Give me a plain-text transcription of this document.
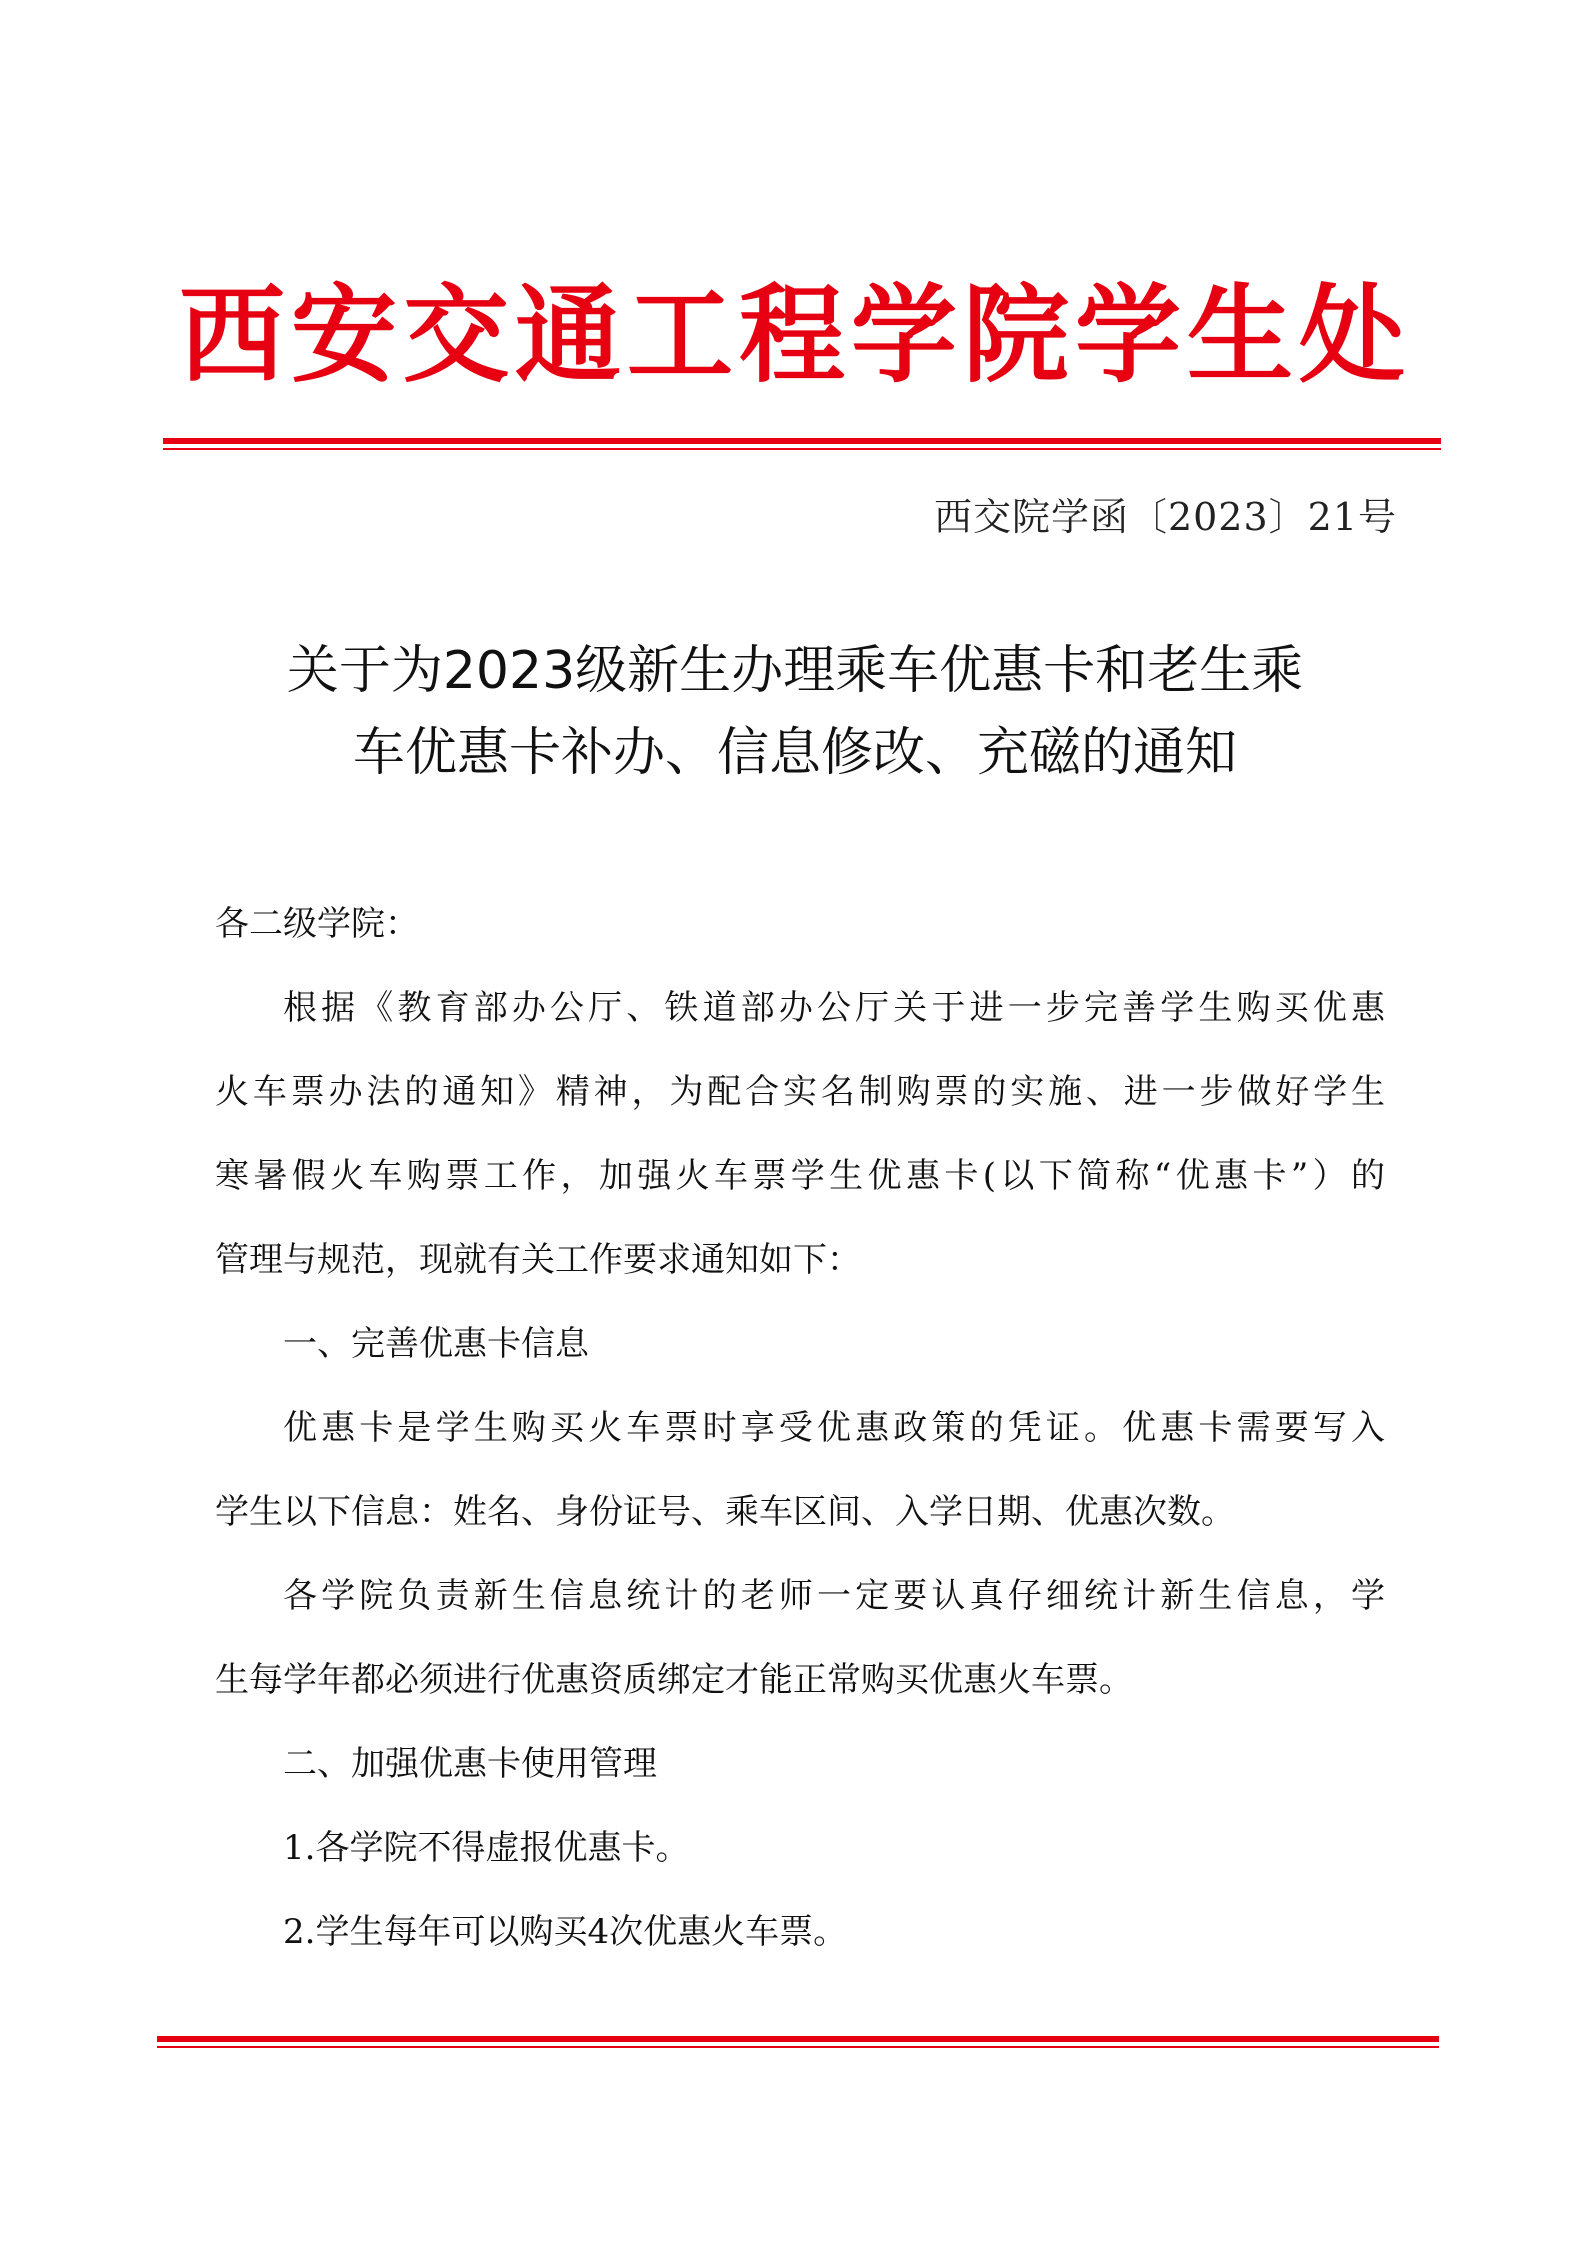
西安交通工程学院学生处
西交院学函〔2023〕21号
关于为2023级新生办理乘车优惠卡和老生乘
车优惠卡补办、信息修改、充磁的通知
各二级学院：
根据《教育部办公厅、铁道部办公厅关于进一步完善学生购买优惠
火车票办法的通知》精神，为配合实名制购票的实施、进一步做好学生
寒暑假火车购票工作，加强火车票学生优惠卡(以下简称“优惠卡”）的
管理与规范，现就有关工作要求通知如下：
一、完善优惠卡信息
优惠卡是学生购买火车票时享受优惠政策的凭证。优惠卡需要写入
学生以下信息：姓名、身份证号、乘车区间、入学日期、优惠次数。
各学院负责新生信息统计的老师一定要认真仔细统计新生信息，学
生每学年都必须进行优惠资质绑定才能正常购买优惠火车票。
二、加强优惠卡使用管理
1.各学院不得虚报优惠卡。
2.学生每年可以购买4次优惠火车票。
